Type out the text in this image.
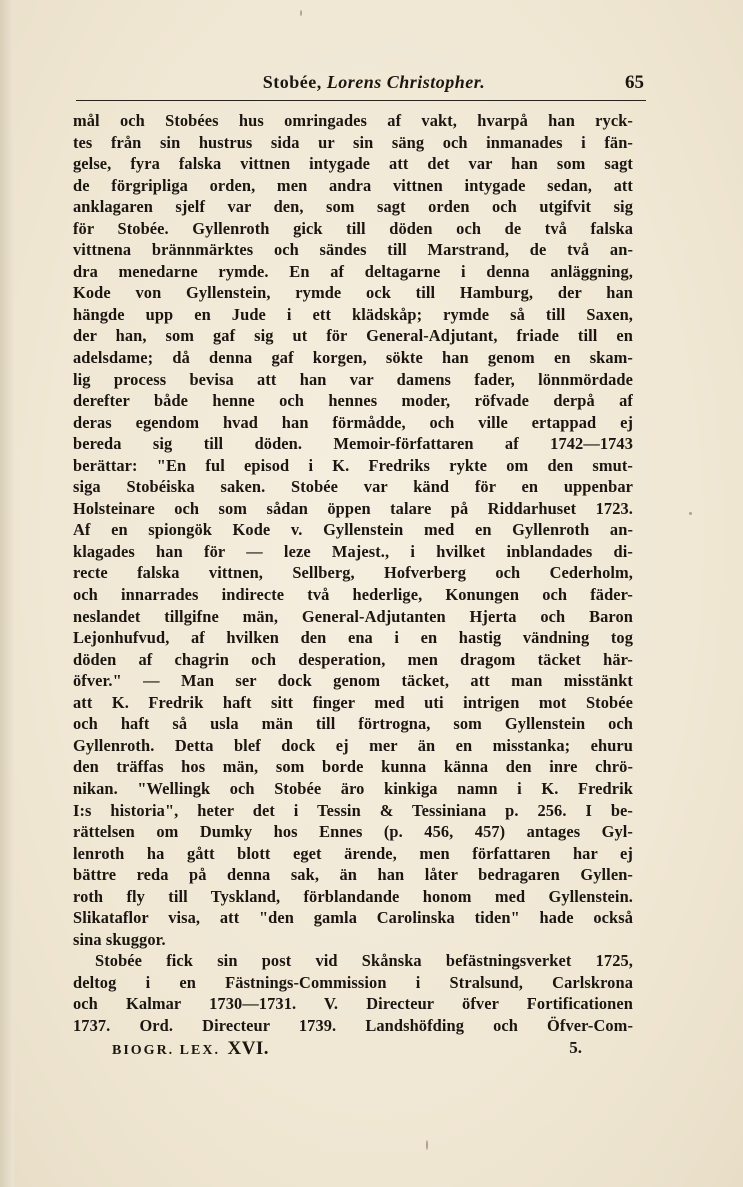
Stobée, Lorens Christopher.	65
mål och Stobées hus omringades af vakt, hvarpå han ryck-
tes från sin hustrus sida ur sin säng och inmanades i fän-
gelse, fyra falska vittnen intygade att det var han som sagt
de förgripliga orden, men andra vittnen intygade sedan, att
anklagaren sjelf var den, som sagt orden och utgifvit sig
för Stobée. Gyllenroth gick till döden och de två falska
vittnena brännmärktes och sändes till Marstrand, de två an-
dra menedarne rymde. En af deltagarne i denna anläggning,
Kode von Gyllenstein, rymde ock till Hamburg, der han
hängde upp en Jude i ett klädskåp; rymde så till Saxen,
der han, som gaf sig ut för General-Adjutant, friade till en
adelsdame; då denna gaf korgen, sökte han genom en skam-
lig process bevisa att han var damens fader, lönnmördade
derefter både henne och hennes moder, röfvade derpå af
deras egendom hvad han förmådde, och ville ertappad ej
bereda sig till döden. Memoir-författaren af 1742—1743
berättar: "En ful episod i K. Fredriks rykte om den smut-
siga Stobéiska saken. Stobée var känd för en uppenbar
Holsteinare och som sådan öppen talare på Riddarhuset 1723.
Af en spiongök Kode v. Gyllenstein med en Gyllenroth an-
klagades han för — leze Majest., i hvilket inblandades di-
recte falska vittnen, Sellberg, Hofverberg och Cederholm,
och innarrades indirecte två hederlige, Konungen och fäder-
neslandet tillgifne män, General-Adjutanten Hjerta och Baron
Lejonhufvud, af hvilken den ena i en hastig vändning tog
döden af chagrin och desperation, men dragom täcket här-
öfver." — Man ser dock genom täcket, att man misstänkt
att K. Fredrik haft sitt finger med uti intrigen mot Stobée
och haft så usla män till förtrogna, som Gyllenstein och
Gyllenroth. Detta blef dock ej mer än en misstanka; ehuru
den träffas hos män, som borde kunna känna den inre chrö-
nikan. "Wellingk och Stobée äro kinkiga namn i K. Fredrik
I:s historia", heter det i Tessin & Tessiniana p. 256. I be-
rättelsen om Dumky hos Ennes (p. 456, 457) antages Gyl-
lenroth ha gått blott eget ärende, men författaren har ej
bättre reda på denna sak, än han låter bedragaren Gyllen-
roth fly till Tyskland, förblandande honom med Gyllenstein.
Slikataflor visa, att "den gamla Carolinska tiden" hade också
sina skuggor.
Stobée fick sin post vid Skånska befästningsverket 1725,
deltog i en Fästnings-Commission i Stralsund, Carlskrona
och Kalmar 1730—1731. V. Directeur öfver Fortificationen
1737. Ord. Directeur 1739. Landshöfding och Öfver-Com-
BIOGR. LEX. XVI.	5.
